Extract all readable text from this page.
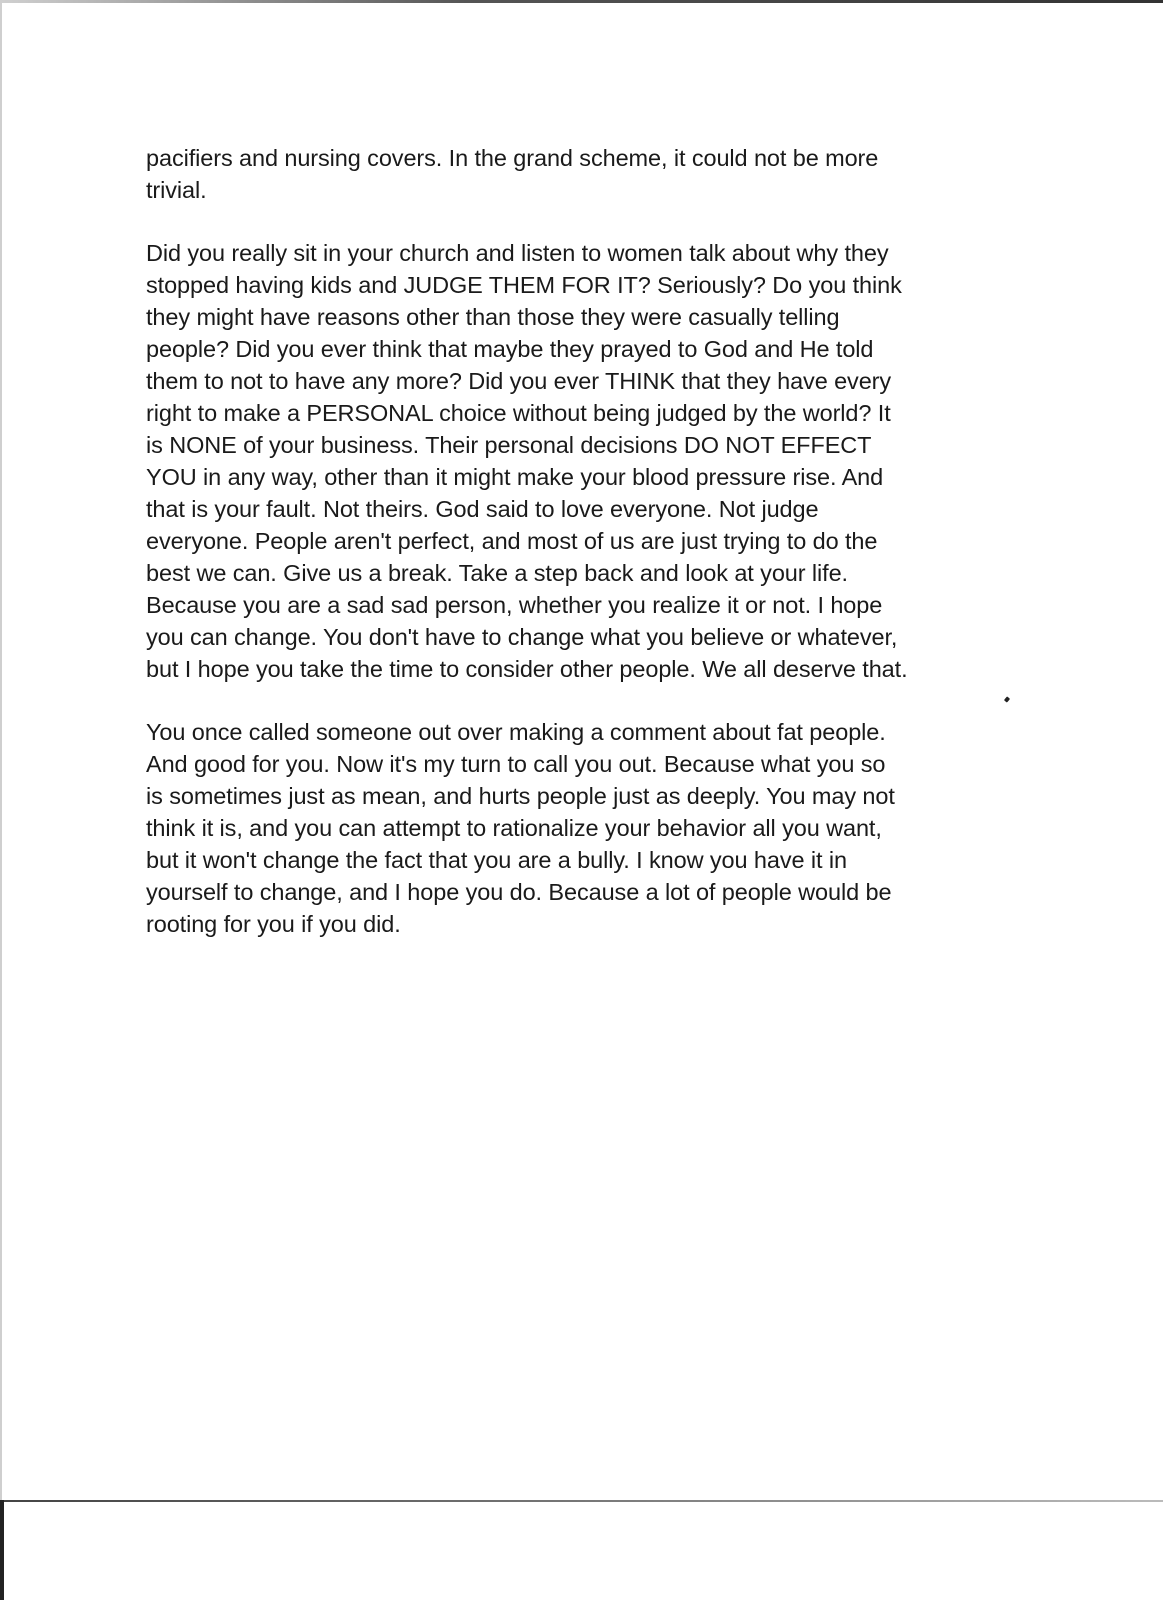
pacifiers and nursing covers. In the grand scheme, it could not be more
trivial.

Did you really sit in your church and listen to women talk about why they
stopped having kids and JUDGE THEM FOR IT? Seriously? Do you think
they might have reasons other than those they were casually telling
people? Did you ever think that maybe they prayed to God and He told
them to not to have any more? Did you ever THINK that they have every
right to make a PERSONAL choice without being judged by the world? It
is NONE of your business. Their personal decisions DO NOT EFFECT
YOU in any way, other than it might make your blood pressure rise. And
that is your fault. Not theirs. God said to love everyone. Not judge
everyone. People aren't perfect, and most of us are just trying to do the
best we can. Give us a break. Take a step back and look at your life.
Because you are a sad sad person, whether you realize it or not. I hope
you can change. You don't have to change what you believe or whatever,
but I hope you take the time to consider other people. We all deserve that.

You once called someone out over making a comment about fat people.
And good for you. Now it's my turn to call you out. Because what you so
is sometimes just as mean, and hurts people just as deeply. You may not
think it is, and you can attempt to rationalize your behavior all you want,
but it won't change the fact that you are a bully. I know you have it in
yourself to change, and I hope you do. Because a lot of people would be
rooting for you if you did.
